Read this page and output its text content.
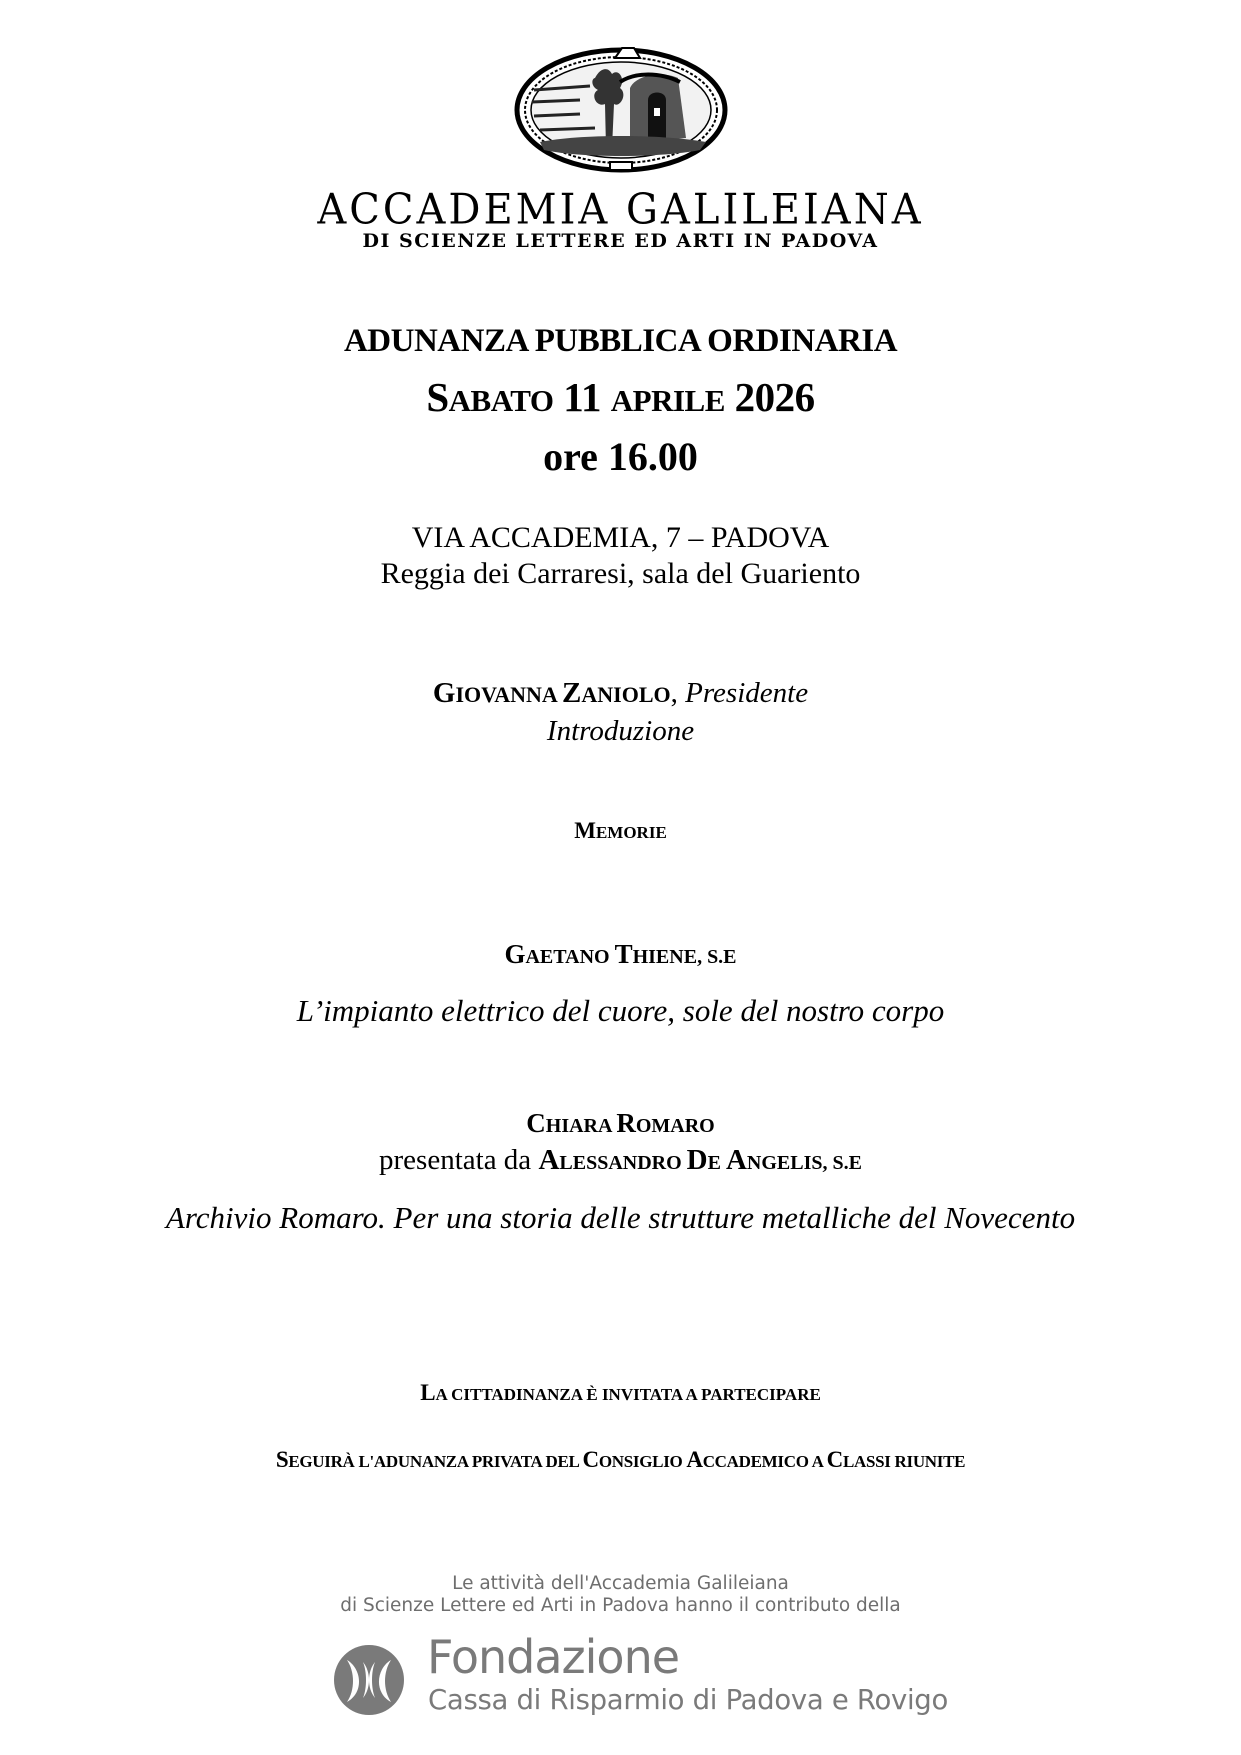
ACCADEMIA GALILEIANA
DI SCIENZE LETTERE ED ARTI IN PADOVA
ADUNANZA PUBBLICA ORDINARIA
SABATO 11 APRILE 2026
ore 16.00
VIA ACCADEMIA, 7 – PADOVA
Reggia dei Carraresi, sala del Guariento
GIOVANNA ZANIOLO, Presidente
Introduzione
MEMORIE
GAETANO THIENE, S.E
L’impianto elettrico del cuore, sole del nostro corpo
CHIARA ROMARO
presentata da ALESSANDRO DE ANGELIS, S.E
Archivio Romaro. Per una storia delle strutture metalliche del Novecento
LA CITTADINANZA È INVITATA A PARTECIPARE
SEGUIRÀ L'ADUNANZA PRIVATA DEL CONSIGLIO ACCADEMICO A CLASSI RIUNITE
Le attività dell'Accademia Galileiana
di Scienze Lettere ed Arti in Padova hanno il contributo della
Fondazione
Cassa di Risparmio di Padova e Rovigo
